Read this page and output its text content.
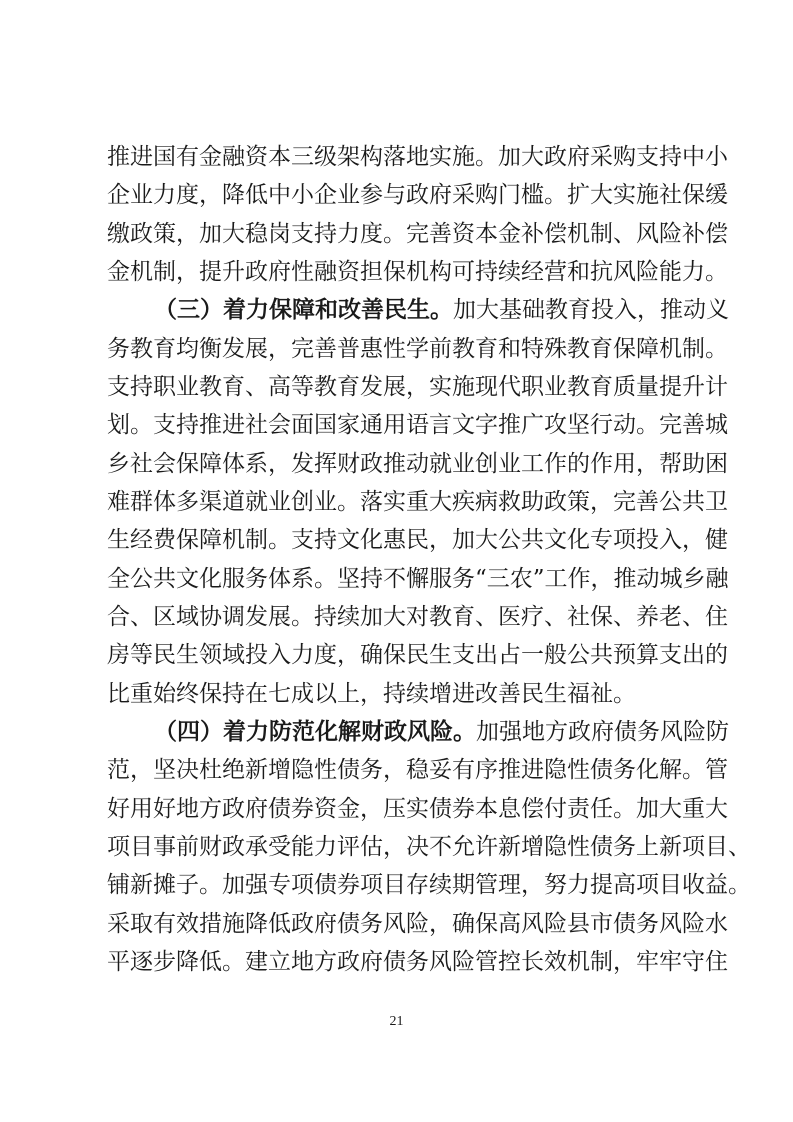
推进国有金融资本三级架构落地实施。加大政府采购支持中小
企业力度，降低中小企业参与政府采购门槛。扩大实施社保缓
缴政策，加大稳岗支持力度。完善资本金补偿机制、风险补偿
金机制，提升政府性融资担保机构可持续经营和抗风险能力。
（三）着力保障和改善民生。加大基础教育投入，推动义
务教育均衡发展，完善普惠性学前教育和特殊教育保障机制。
支持职业教育、高等教育发展，实施现代职业教育质量提升计
划。支持推进社会面国家通用语言文字推广攻坚行动。完善城
乡社会保障体系，发挥财政推动就业创业工作的作用，帮助困
难群体多渠道就业创业。落实重大疾病救助政策，完善公共卫
生经费保障机制。支持文化惠民，加大公共文化专项投入，健
全公共文化服务体系。坚持不懈服务“三农”工作，推动城乡融
合、区域协调发展。持续加大对教育、医疗、社保、养老、住
房等民生领域投入力度，确保民生支出占一般公共预算支出的
比重始终保持在七成以上，持续增进改善民生福祉。
（四）着力防范化解财政风险。加强地方政府债务风险防
范，坚决杜绝新增隐性债务，稳妥有序推进隐性债务化解。管
好用好地方政府债券资金，压实债券本息偿付责任。加大重大
项目事前财政承受能力评估，决不允许新增隐性债务上新项目、
铺新摊子。加强专项债券项目存续期管理，努力提高项目收益。
采取有效措施降低政府债务风险，确保高风险县市债务风险水
平逐步降低。建立地方政府债务风险管控长效机制，牢牢守住
21
